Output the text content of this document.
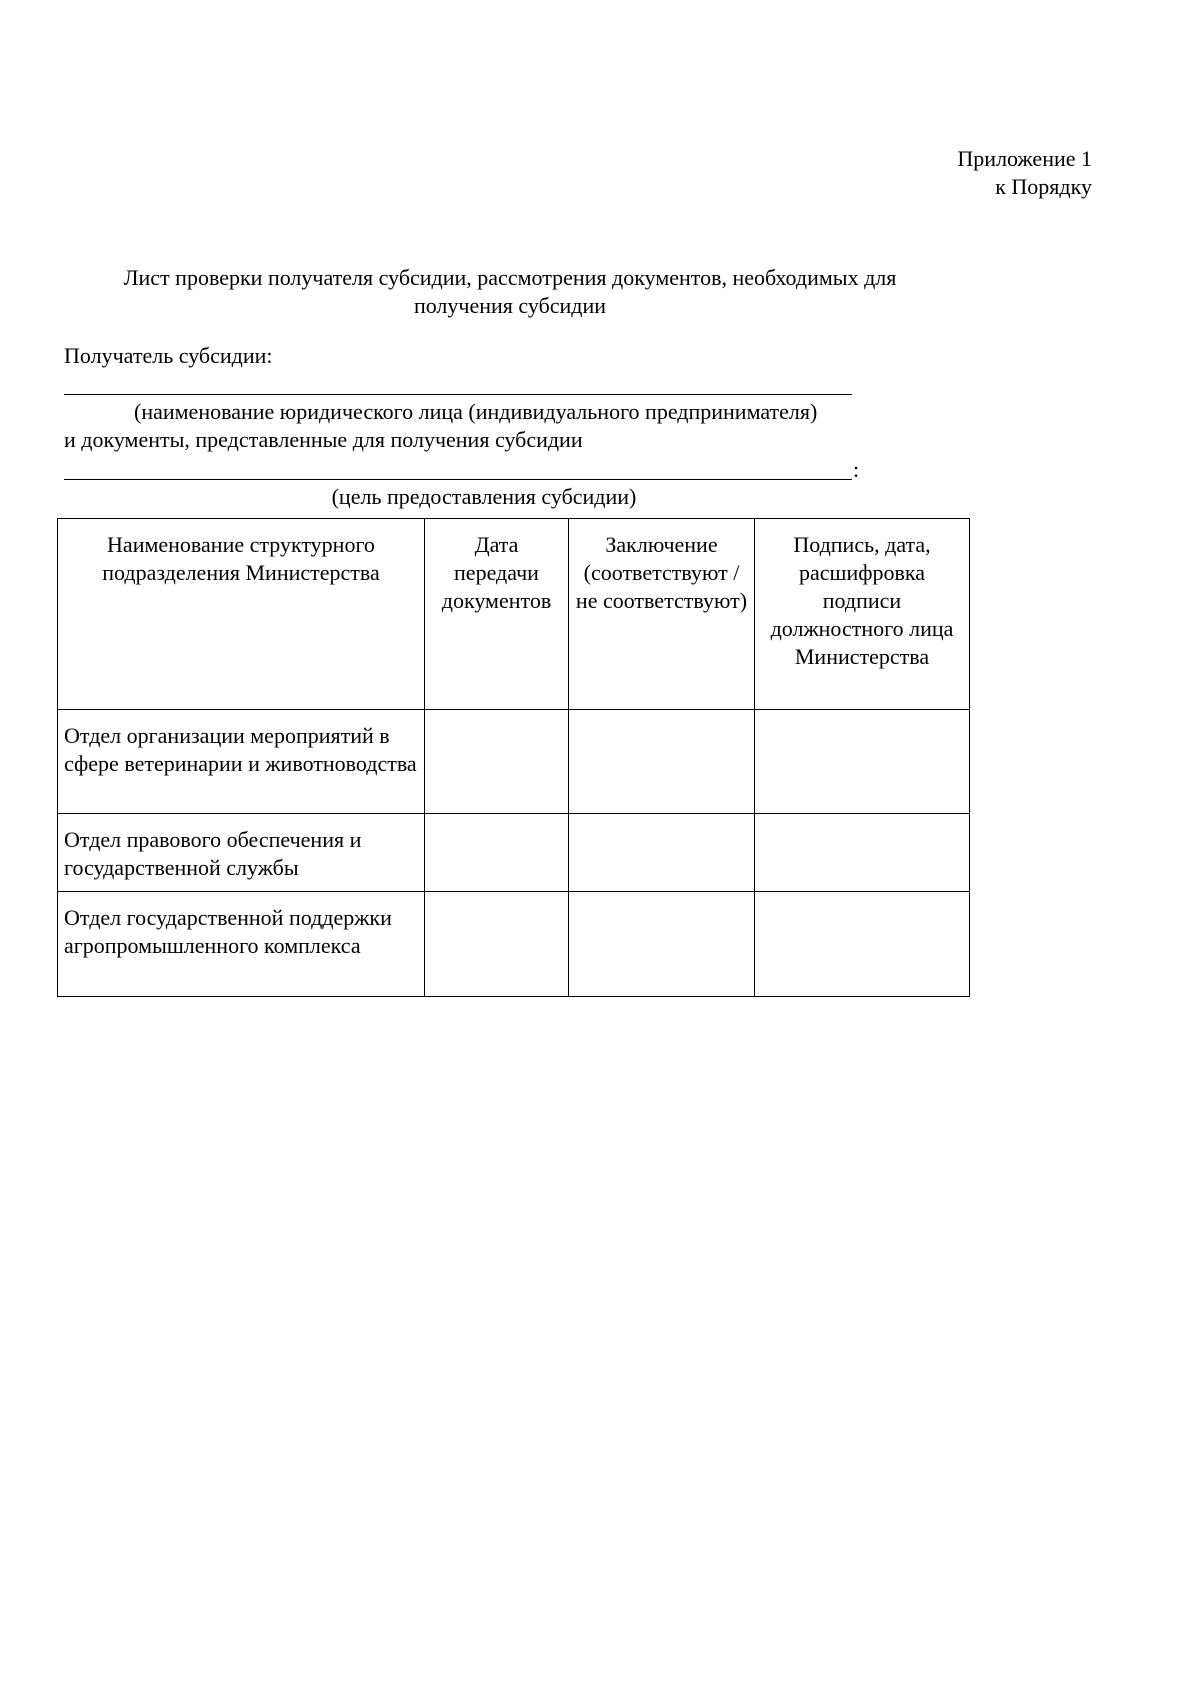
Приложение 1
к Порядку
Лист проверки получателя субсидии, рассмотрения документов, необходимых для
получения субсидии
Получатель субсидии:
(наименование юридического лица (индивидуального предпринимателя)
и документы, представленные для получения субсидии
:
(цель предоставления субсидии)
Наименование структурного подразделения Министерства	Дата передачи документов	Заключение (соответствуют / не соответствуют)	Подпись, дата, расшифровка подписи должностного лица Министерства
Отдел организации мероприятий в сфере ветеринарии и животноводства			
Отдел правового обеспечения и государственной службы			
Отдел государственной поддержки агропромышленного комплекса			
